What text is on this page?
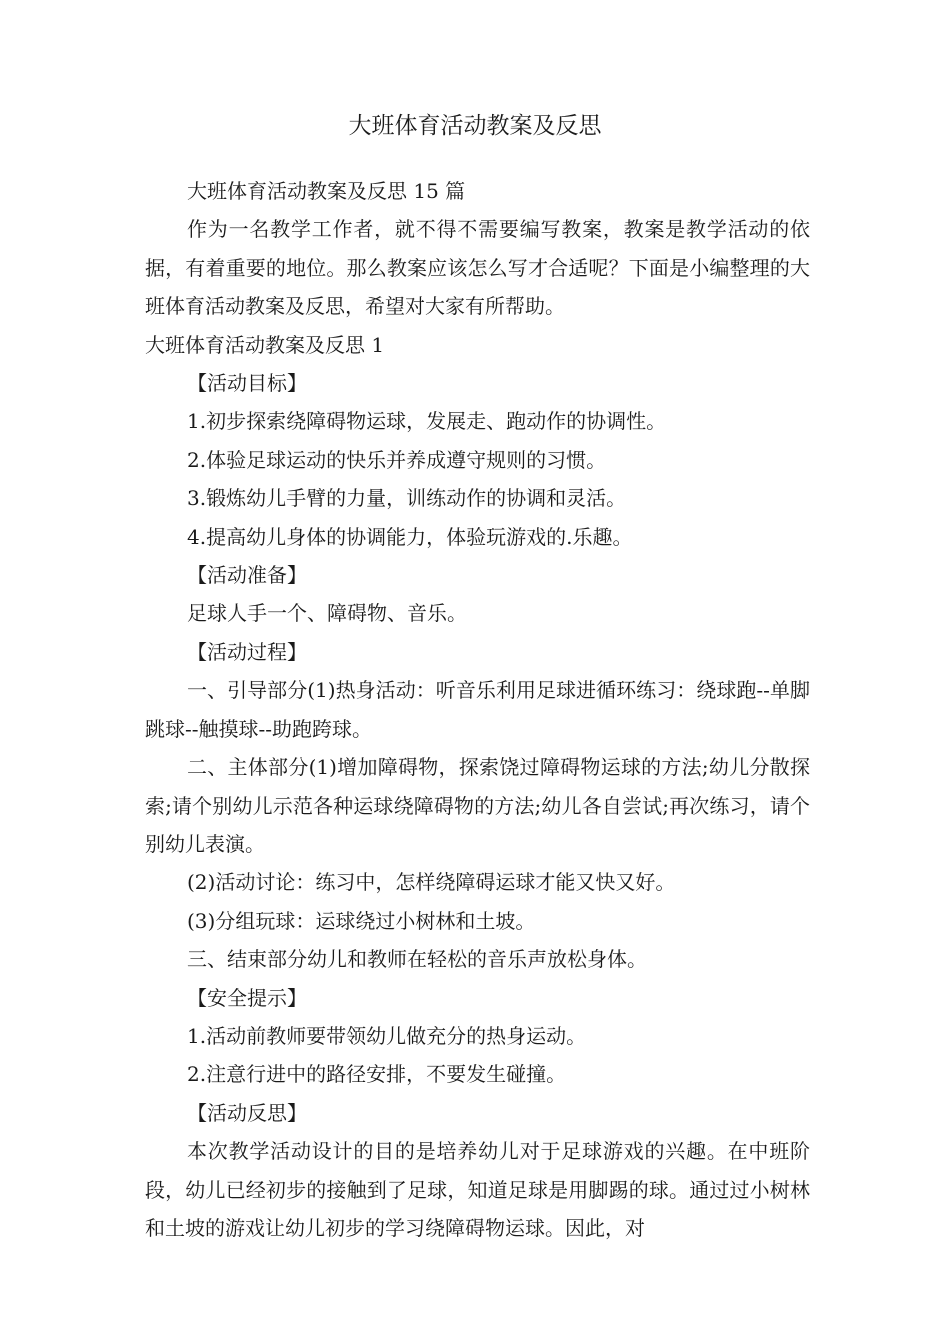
大班体育活动教案及反思

大班体育活动教案及反思 15 篇

作为一名教学工作者，就不得不需要编写教案，教案是教学活动的依据，有着重要的地位。那么教案应该怎么写才合适呢？下面是小编整理的大班体育活动教案及反思，希望对大家有所帮助。

大班体育活动教案及反思 1

【活动目标】

1.初步探索绕障碍物运球，发展走、跑动作的协调性。

2.体验足球运动的快乐并养成遵守规则的习惯。

3.锻炼幼儿手臂的力量，训练动作的协调和灵活。

4.提高幼儿身体的协调能力，体验玩游戏的.乐趣。

【活动准备】

足球人手一个、障碍物、音乐。

【活动过程】

一、引导部分(1)热身活动：听音乐利用足球进循环练习：绕球跑--单脚跳球--触摸球--助跑跨球。

二、主体部分(1)增加障碍物，探索饶过障碍物运球的方法;幼儿分散探索;请个别幼儿示范各种运球绕障碍物的方法;幼儿各自尝试;再次练习，请个别幼儿表演。

(2)活动讨论：练习中，怎样绕障碍运球才能又快又好。

(3)分组玩球：运球绕过小树林和土坡。

三、结束部分幼儿和教师在轻松的音乐声放松身体。

【安全提示】

1.活动前教师要带领幼儿做充分的热身运动。

2.注意行进中的路径安排，不要发生碰撞。

【活动反思】

本次教学活动设计的目的是培养幼儿对于足球游戏的兴趣。在中班阶段，幼儿已经初步的接触到了足球，知道足球是用脚踢的球。通过过小树林和土坡的游戏让幼儿初步的学习绕障碍物运球。因此，对
